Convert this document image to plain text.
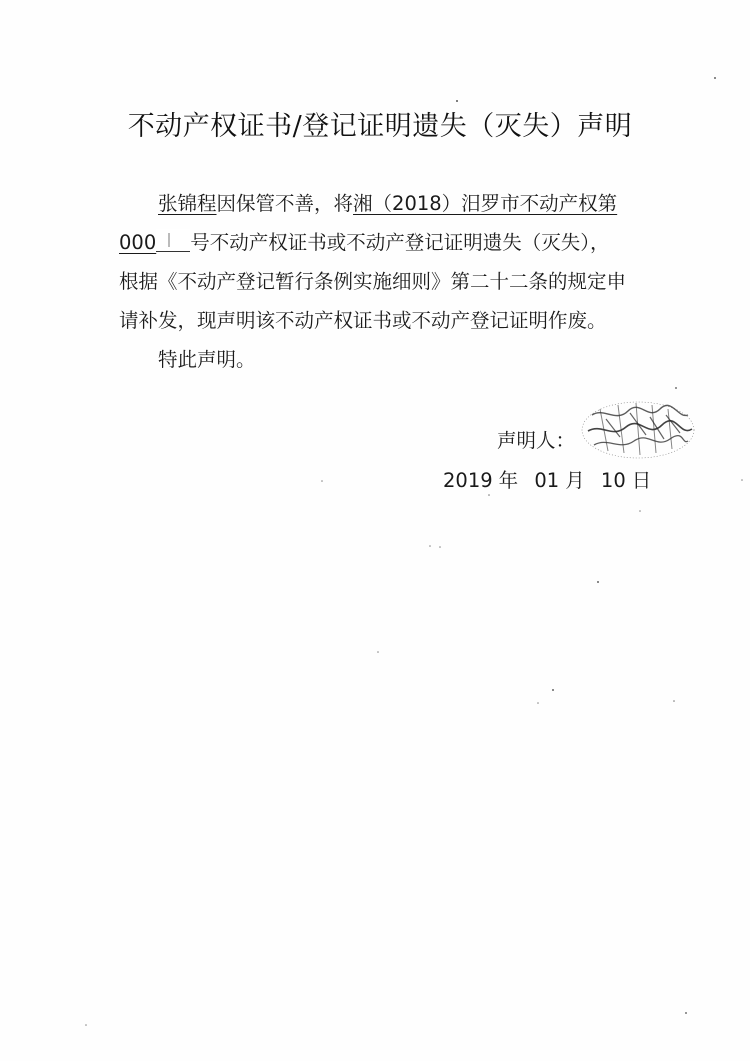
不动产权证书/登记证明遗失（灭失）声明

张锦程因保管不善，将湘（2018）汨罗市不动产权第
000 号不动产权证书或不动产登记证明遗失（灭失），
根据《不动产登记暂行条例实施细则》第二十二条的规定申
请补发，现声明该不动产权证书或不动产登记证明作废。

特此声明。

声明人：
2019 年 01 月 10 日
